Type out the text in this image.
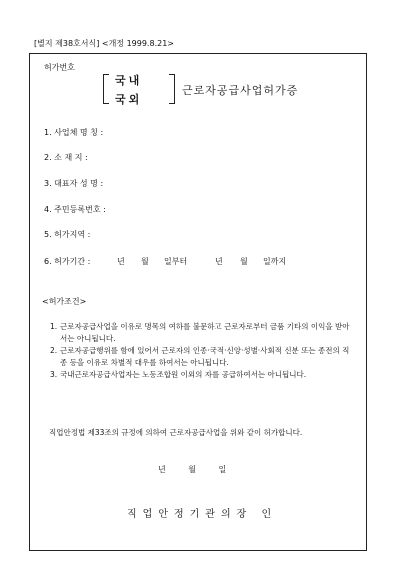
[별지 제38호서식] <개정 1999.8.21>
허가번호
국내
국외
근로자공급사업허가증
1. 사업체 명 칭 :
2. 소 재 지 :
3. 대표자 성 명 :
4. 주민등록번호 :
5. 허가지역 :
6. 허가기간 :	년 월 일부터	년 월 일까지
<허가조건>
1. 근로자공급사업을 이유로 명목의 여하를 불문하고 근로자로부터 금품 기타의 이익을 받아서는 아니됩니다.
2. 근로자공급행위를 함에 있어서 근로자의 인종·국적·신앙·성별·사회적 신분 또는 종전의 직종 등을 이유로 차별적 대우를 하여서는 아니됩니다.
3. 국내근로자공급사업자는 노동조합원 이외의 자를 공급하여서는 아니됩니다.
직업안정법 제33조의 규정에 의하여 근로자공급사업을 위와 같이 허가합니다.
년 월 일
직업안정기관의장 인
